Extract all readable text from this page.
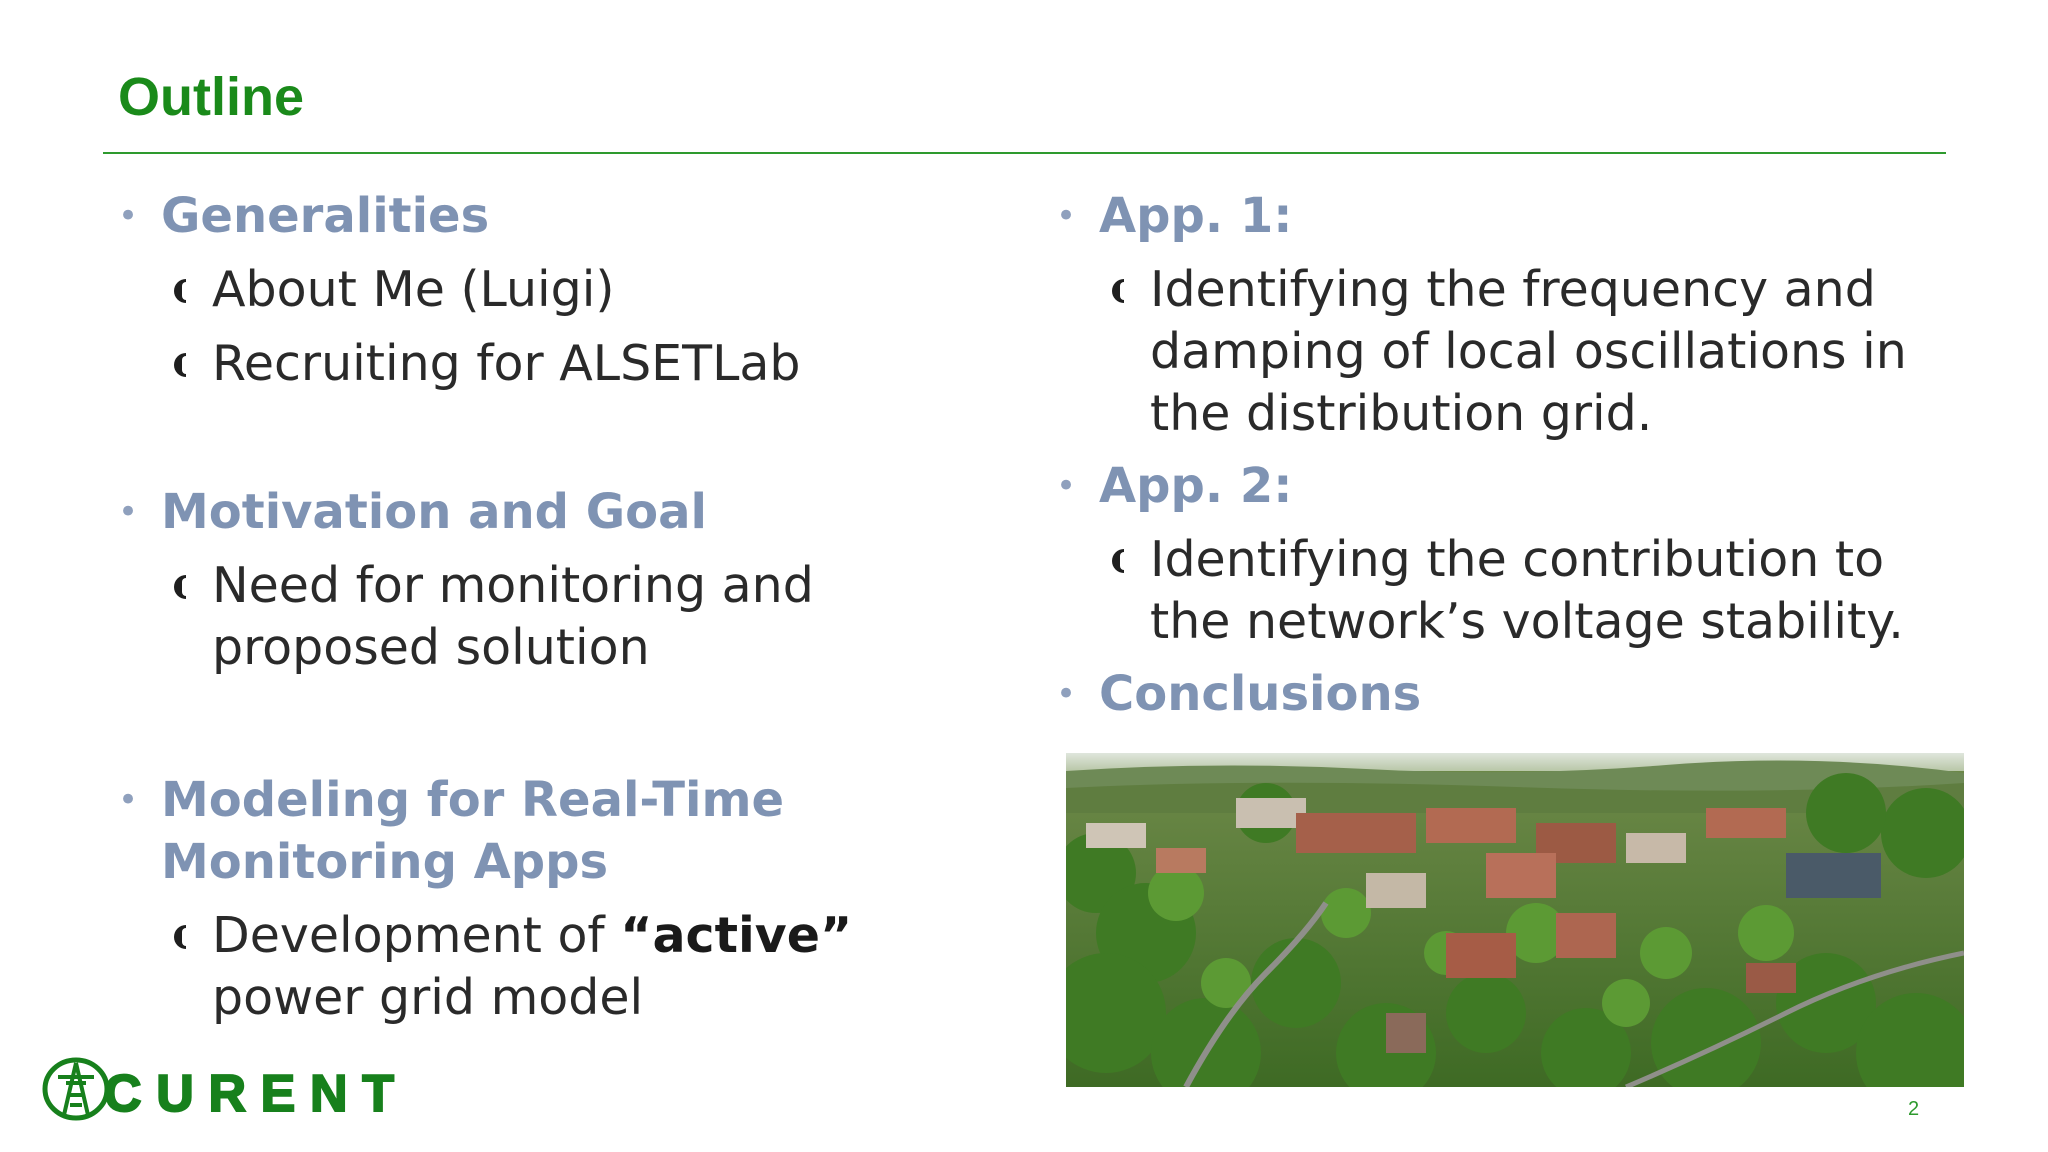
Outline
• Generalities
About Me (Luigi)
Recruiting for ALSETLab
• Motivation and Goal
Need for monitoring and
proposed solution
• Modeling for Real-Time
Monitoring Apps
Development of “active”
power grid model
• App. 1:
Identifying the frequency and
damping of local oscillations in
the distribution grid.
• App. 2:
Identifying the contribution to
the network’s voltage stability.
• Conclusions
CURENT	2
